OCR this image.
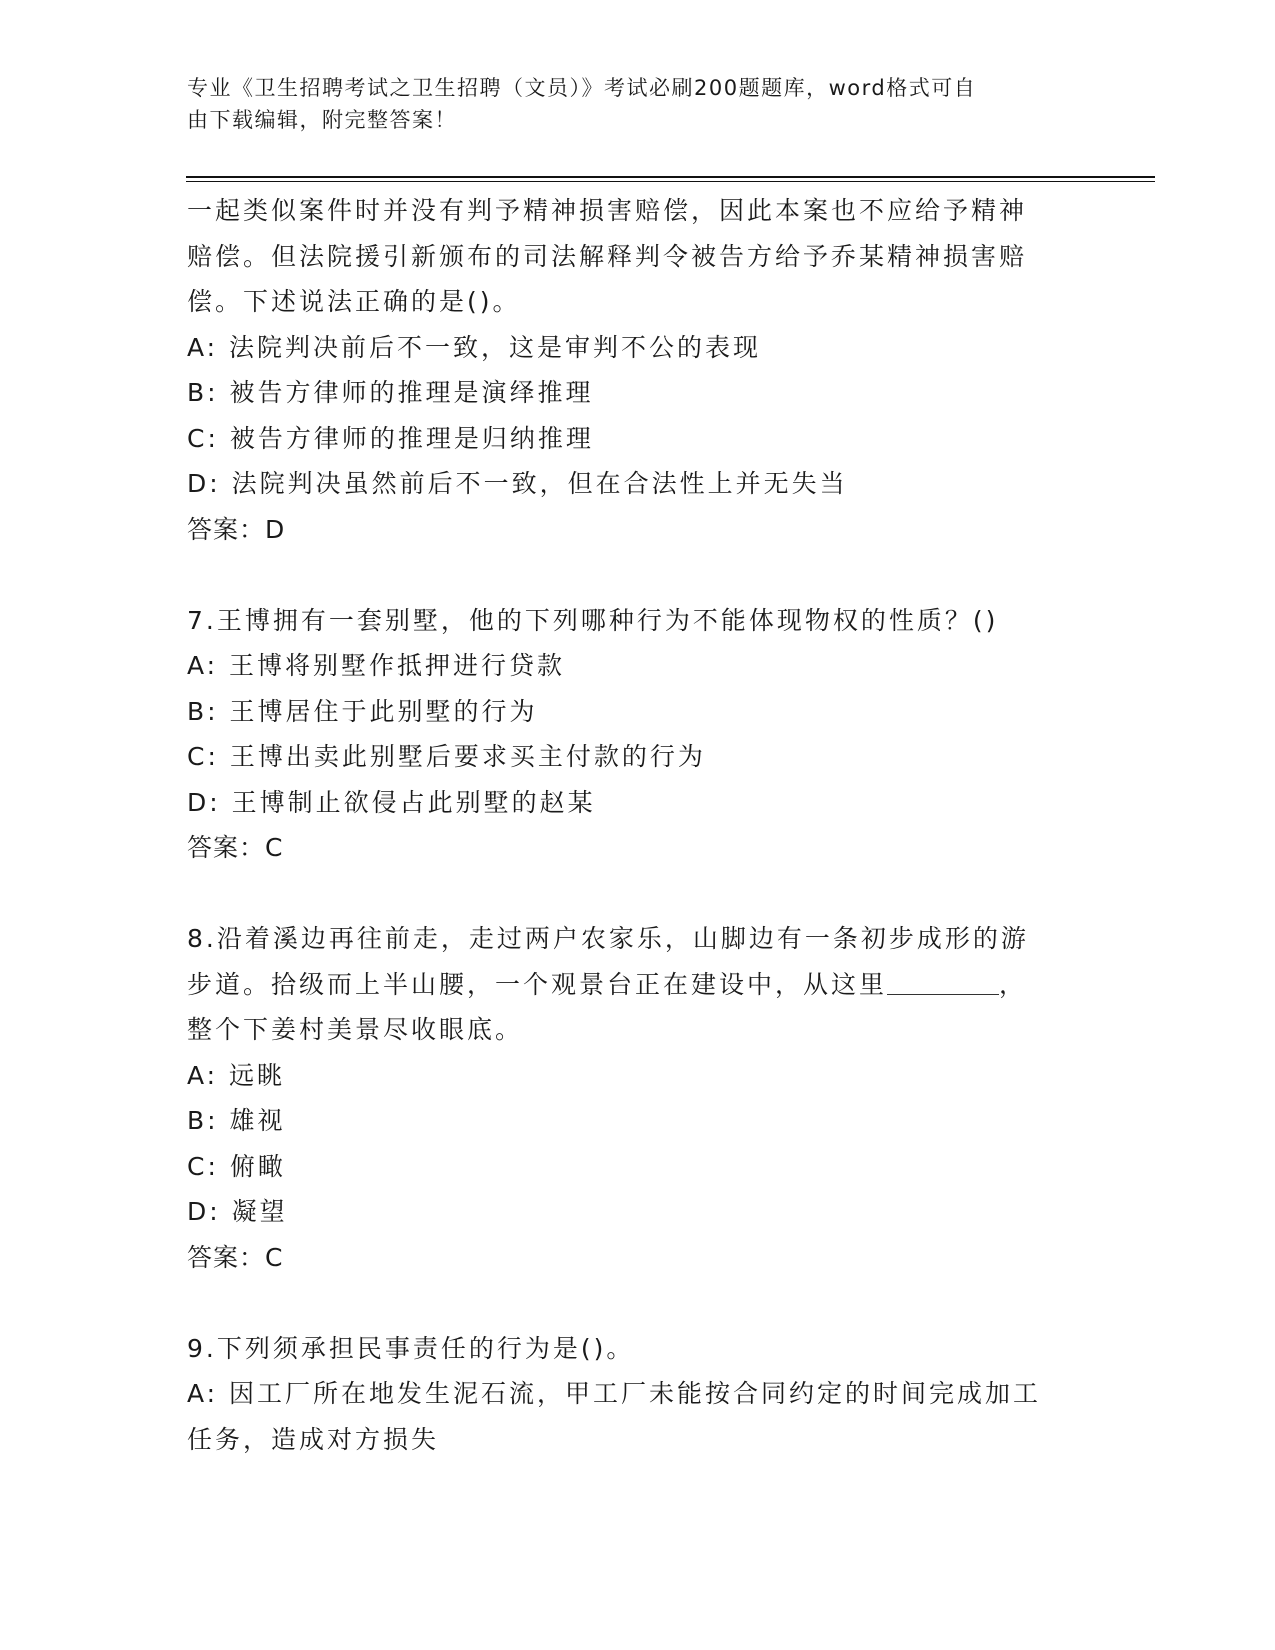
专业《卫生招聘考试之卫生招聘（文员）》考试必刷200题题库，word格式可自
由下载编辑，附完整答案！
一起类似案件时并没有判予精神损害赔偿，因此本案也不应给予精神
赔偿。但法院援引新颁布的司法解释判令被告方给予乔某精神损害赔
偿。下述说法正确的是()。
A: 法院判决前后不一致，这是审判不公的表现
B: 被告方律师的推理是演绎推理
C: 被告方律师的推理是归纳推理
D: 法院判决虽然前后不一致，但在合法性上并无失当
答案：D
7.王博拥有一套别墅，他的下列哪种行为不能体现物权的性质？()
A: 王博将别墅作抵押进行贷款
B: 王博居住于此别墅的行为
C: 王博出卖此别墅后要求买主付款的行为
D: 王博制止欲侵占此别墅的赵某
答案：C
8.沿着溪边再往前走，走过两户农家乐，山脚边有一条初步成形的游
步道。拾级而上半山腰，一个观景台正在建设中，从这里	，
整个下姜村美景尽收眼底。
A: 远眺
B: 雄视
C: 俯瞰
D: 凝望
答案：C
9.下列须承担民事责任的行为是()。
A: 因工厂所在地发生泥石流，甲工厂未能按合同约定的时间完成加工
任务，造成对方损失
